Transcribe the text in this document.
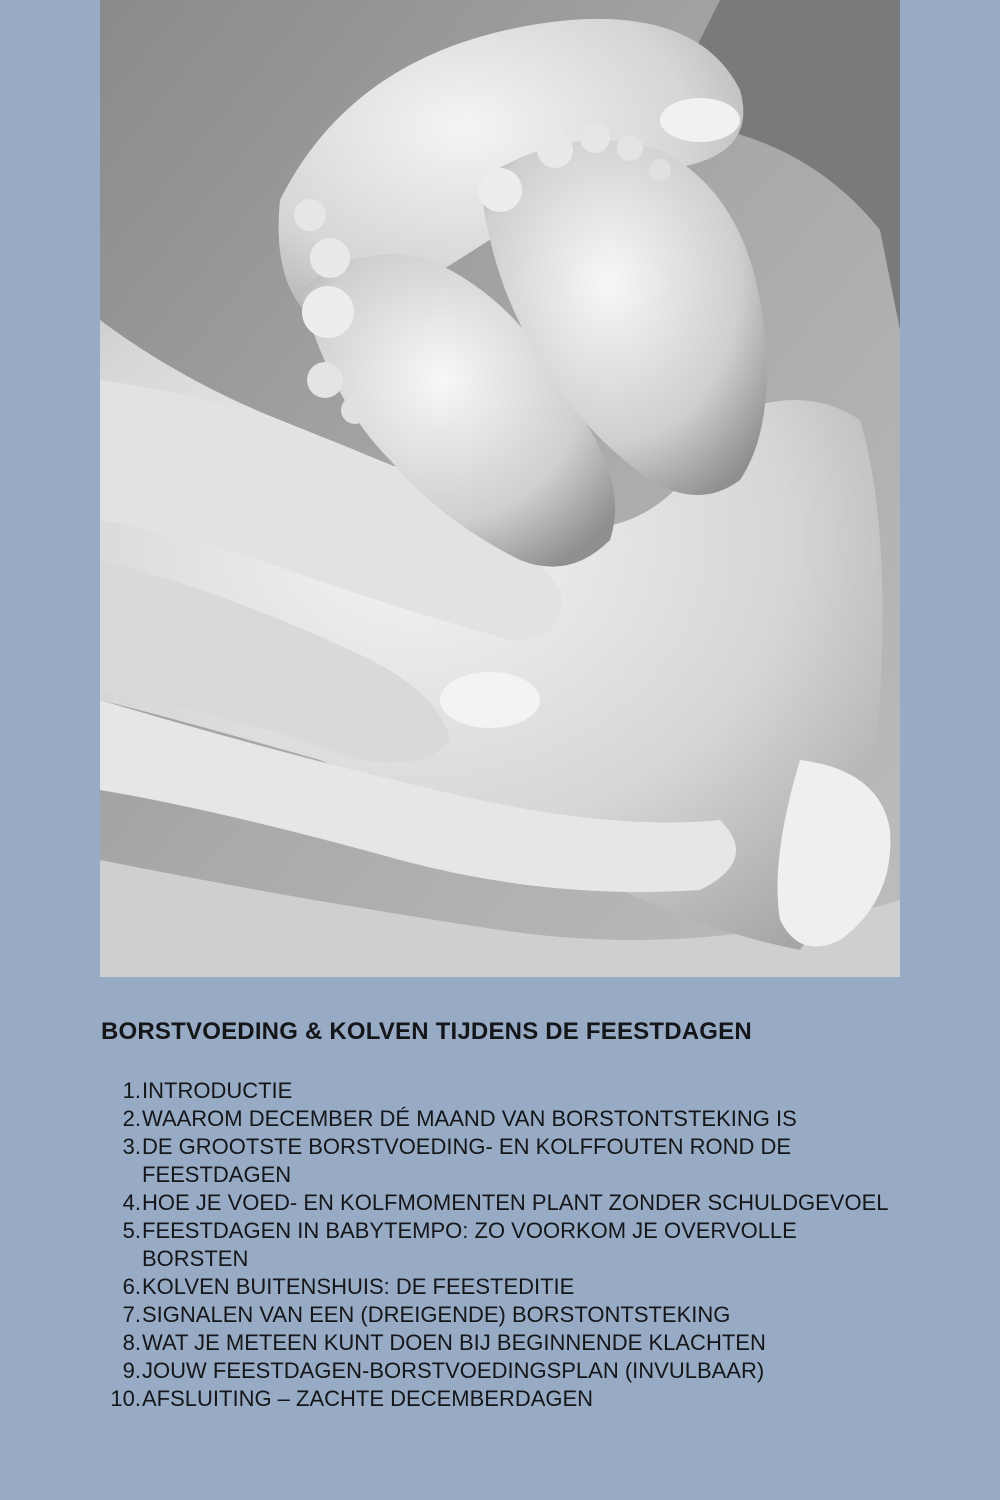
BORSTVOEDING & KOLVEN TIJDENS DE FEESTDAGEN
1. INTRODUCTIE
2. WAAROM DECEMBER DÉ MAAND VAN BORSTONTSTEKING IS
3. DE GROOTSTE BORSTVOEDING- EN KOLFFOUTEN ROND DE FEESTDAGEN
4. HOE JE VOED- EN KOLFMOMENTEN PLANT ZONDER SCHULDGEVOEL
5. FEESTDAGEN IN BABYTEMPO: ZO VOORKOM JE OVERVOLLE BORSTEN
6. KOLVEN BUITENSHUIS: DE FEESTEDITIE
7. SIGNALEN VAN EEN (DREIGENDE) BORSTONTSTEKING
8. WAT JE METEEN KUNT DOEN BIJ BEGINNENDE KLACHTEN
9. JOUW FEESTDAGEN-BORSTVOEDINGSPLAN (INVULBAAR)
10. AFSLUITING – ZACHTE DECEMBERDAGEN
